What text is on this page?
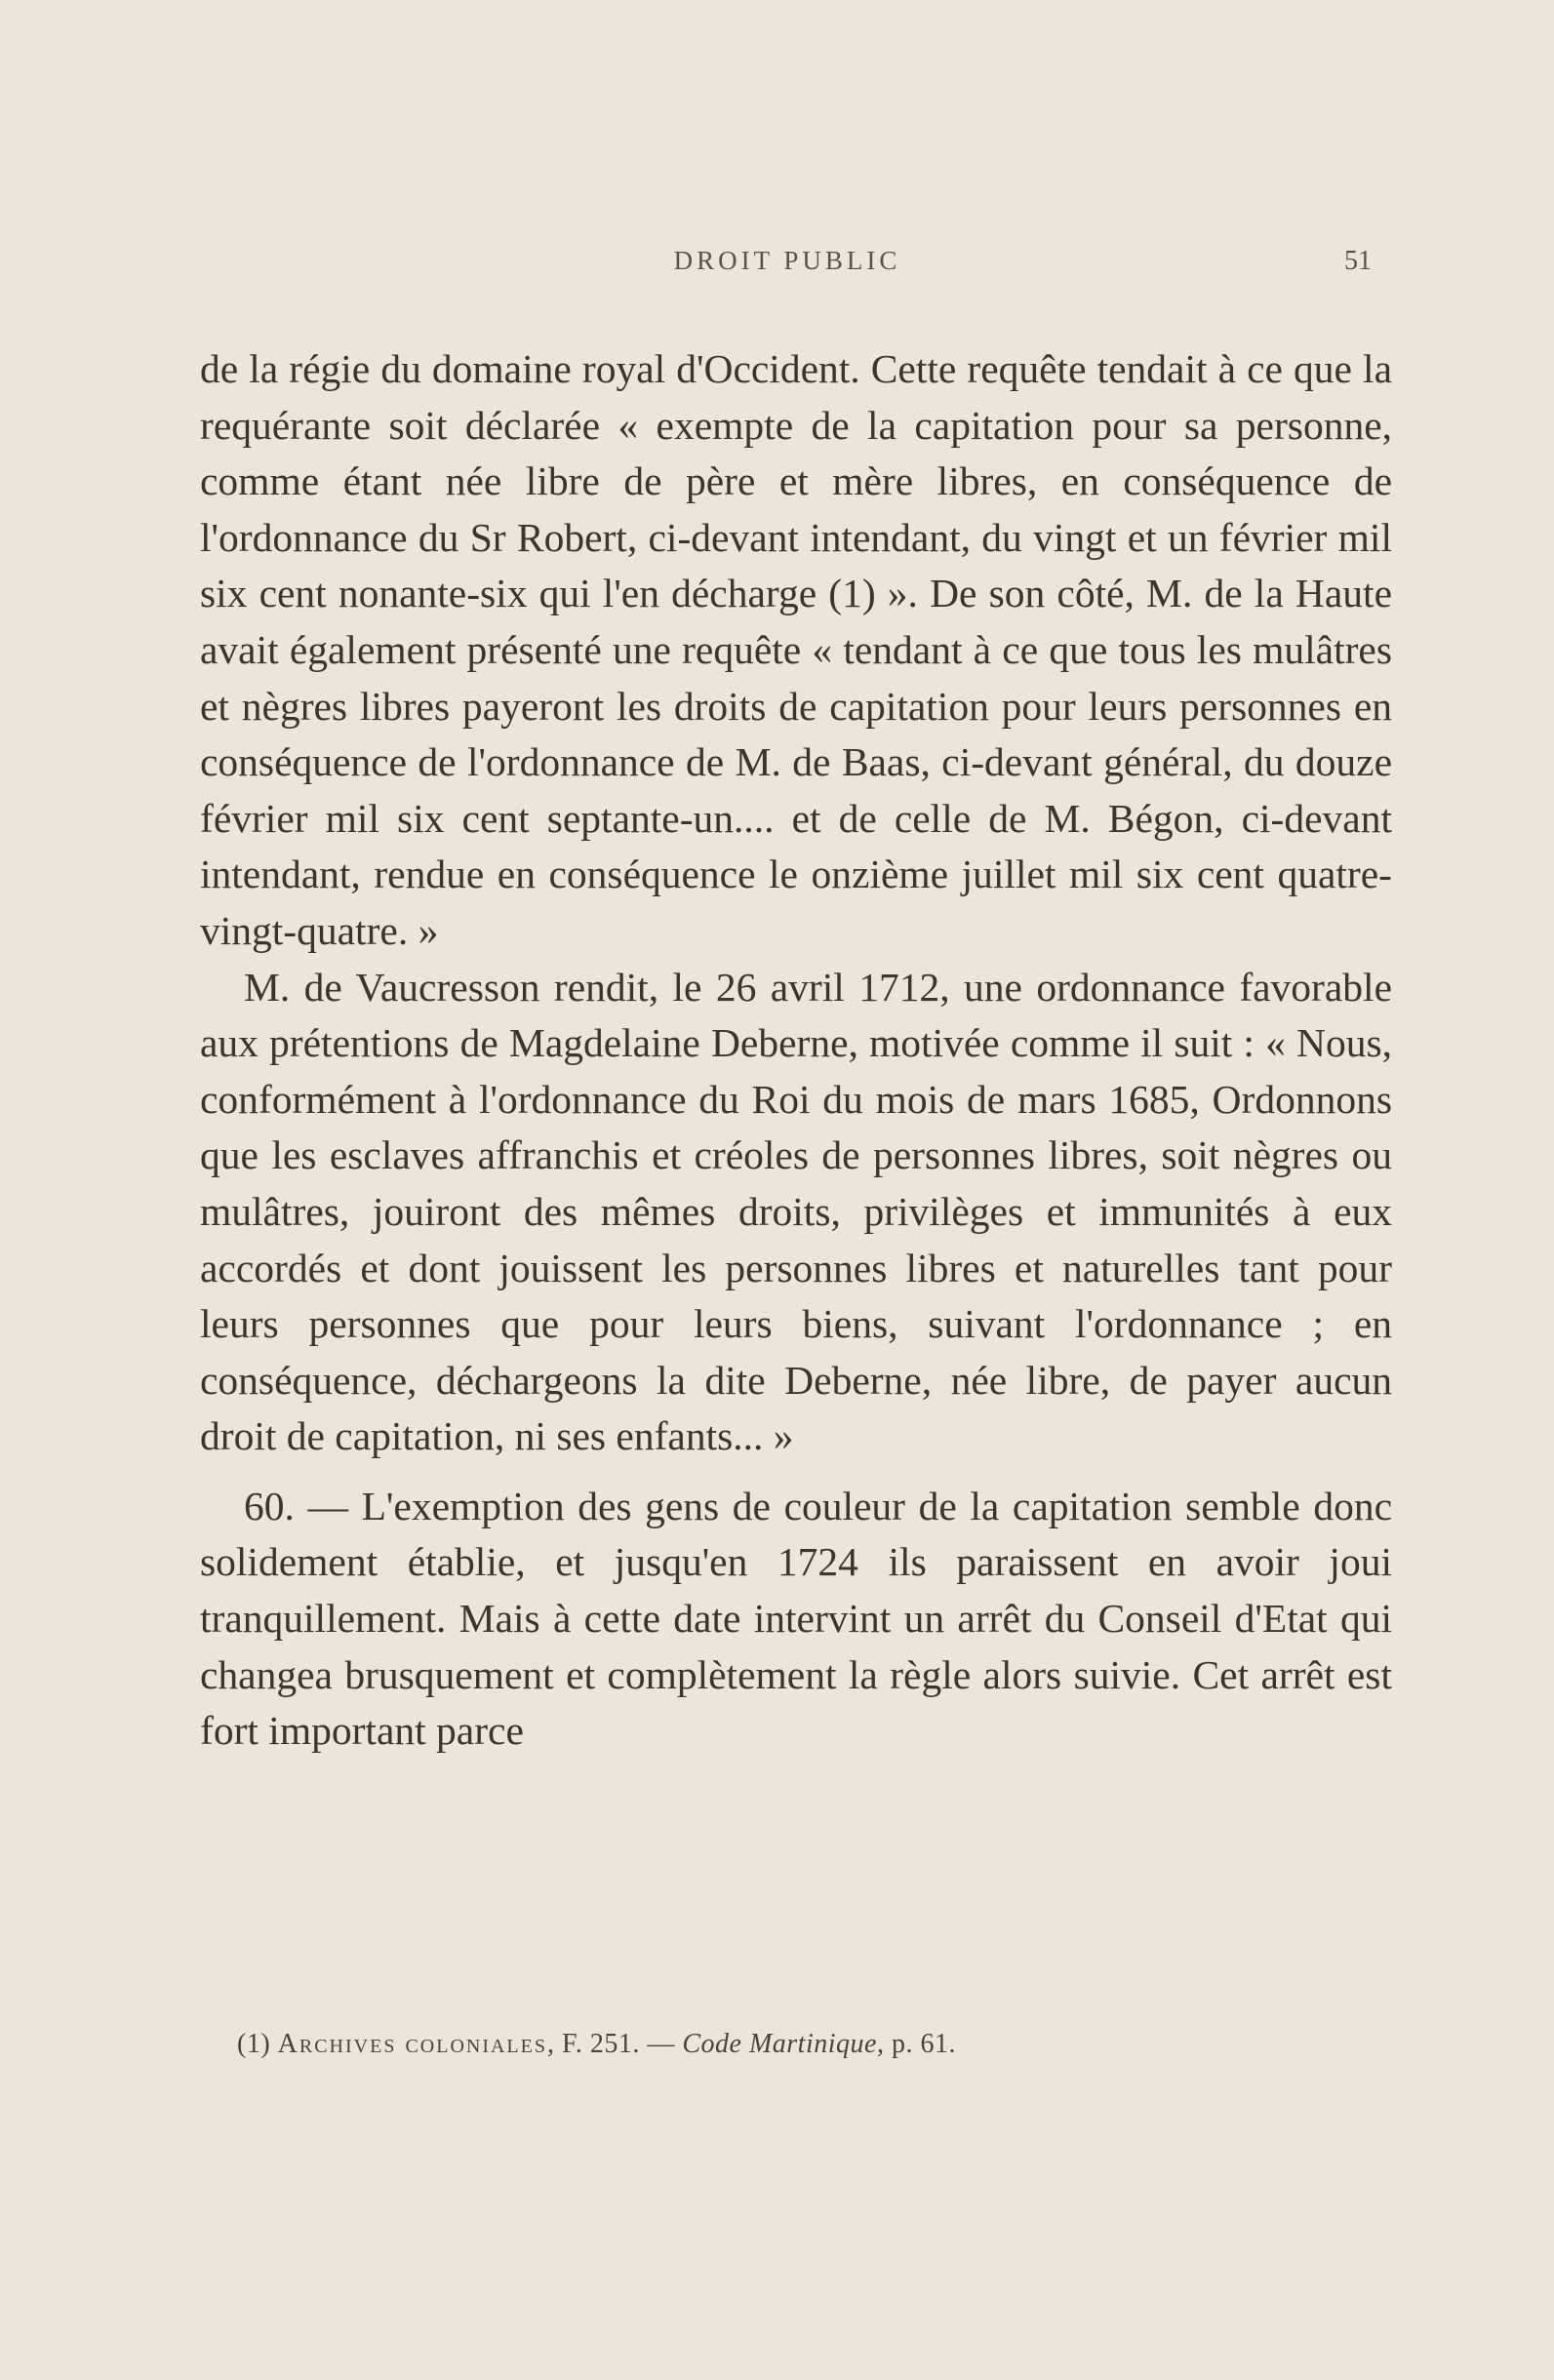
DROIT PUBLIC	51

de la régie du domaine royal d'Occident. Cette requête tendait à ce que la requérante soit déclarée « exempte de la capitation pour sa personne, comme étant née libre de père et mère libres, en conséquence de l'ordonnance du Sr Robert, ci-devant intendant, du vingt et un février mil six cent nonante-six qui l'en décharge (1) ». De son côté, M. de la Haute avait également présenté une requête « tendant à ce que tous les mulâtres et nègres libres payeront les droits de capitation pour leurs personnes en conséquence de l'ordonnance de M. de Baas, ci-devant général, du douze février mil six cent septante-un.... et de celle de M. Bégon, ci-devant intendant, rendue en conséquence le onzième juillet mil six cent quatre-vingt-quatre. »

M. de Vaucresson rendit, le 26 avril 1712, une ordonnance favorable aux prétentions de Magdelaine Deberne, motivée comme il suit : « Nous, conformément à l'ordonnance du Roi du mois de mars 1685, Ordonnons que les esclaves affranchis et créoles de personnes libres, soit nègres ou mulâtres, jouiront des mêmes droits, privilèges et immunités à eux accordés et dont jouissent les personnes libres et naturelles tant pour leurs personnes que pour leurs biens, suivant l'ordonnance ; en conséquence, déchargeons la dite Deberne, née libre, de payer aucun droit de capitation, ni ses enfants... »

60. — L'exemption des gens de couleur de la capitation semble donc solidement établie, et jusqu'en 1724 ils paraissent en avoir joui tranquillement. Mais à cette date intervint un arrêt du Conseil d'Etat qui changea brusquement et complètement la règle alors suivie. Cet arrêt est fort important parce

(1) Archives coloniales, F. 251. — Code Martinique, p. 61.
